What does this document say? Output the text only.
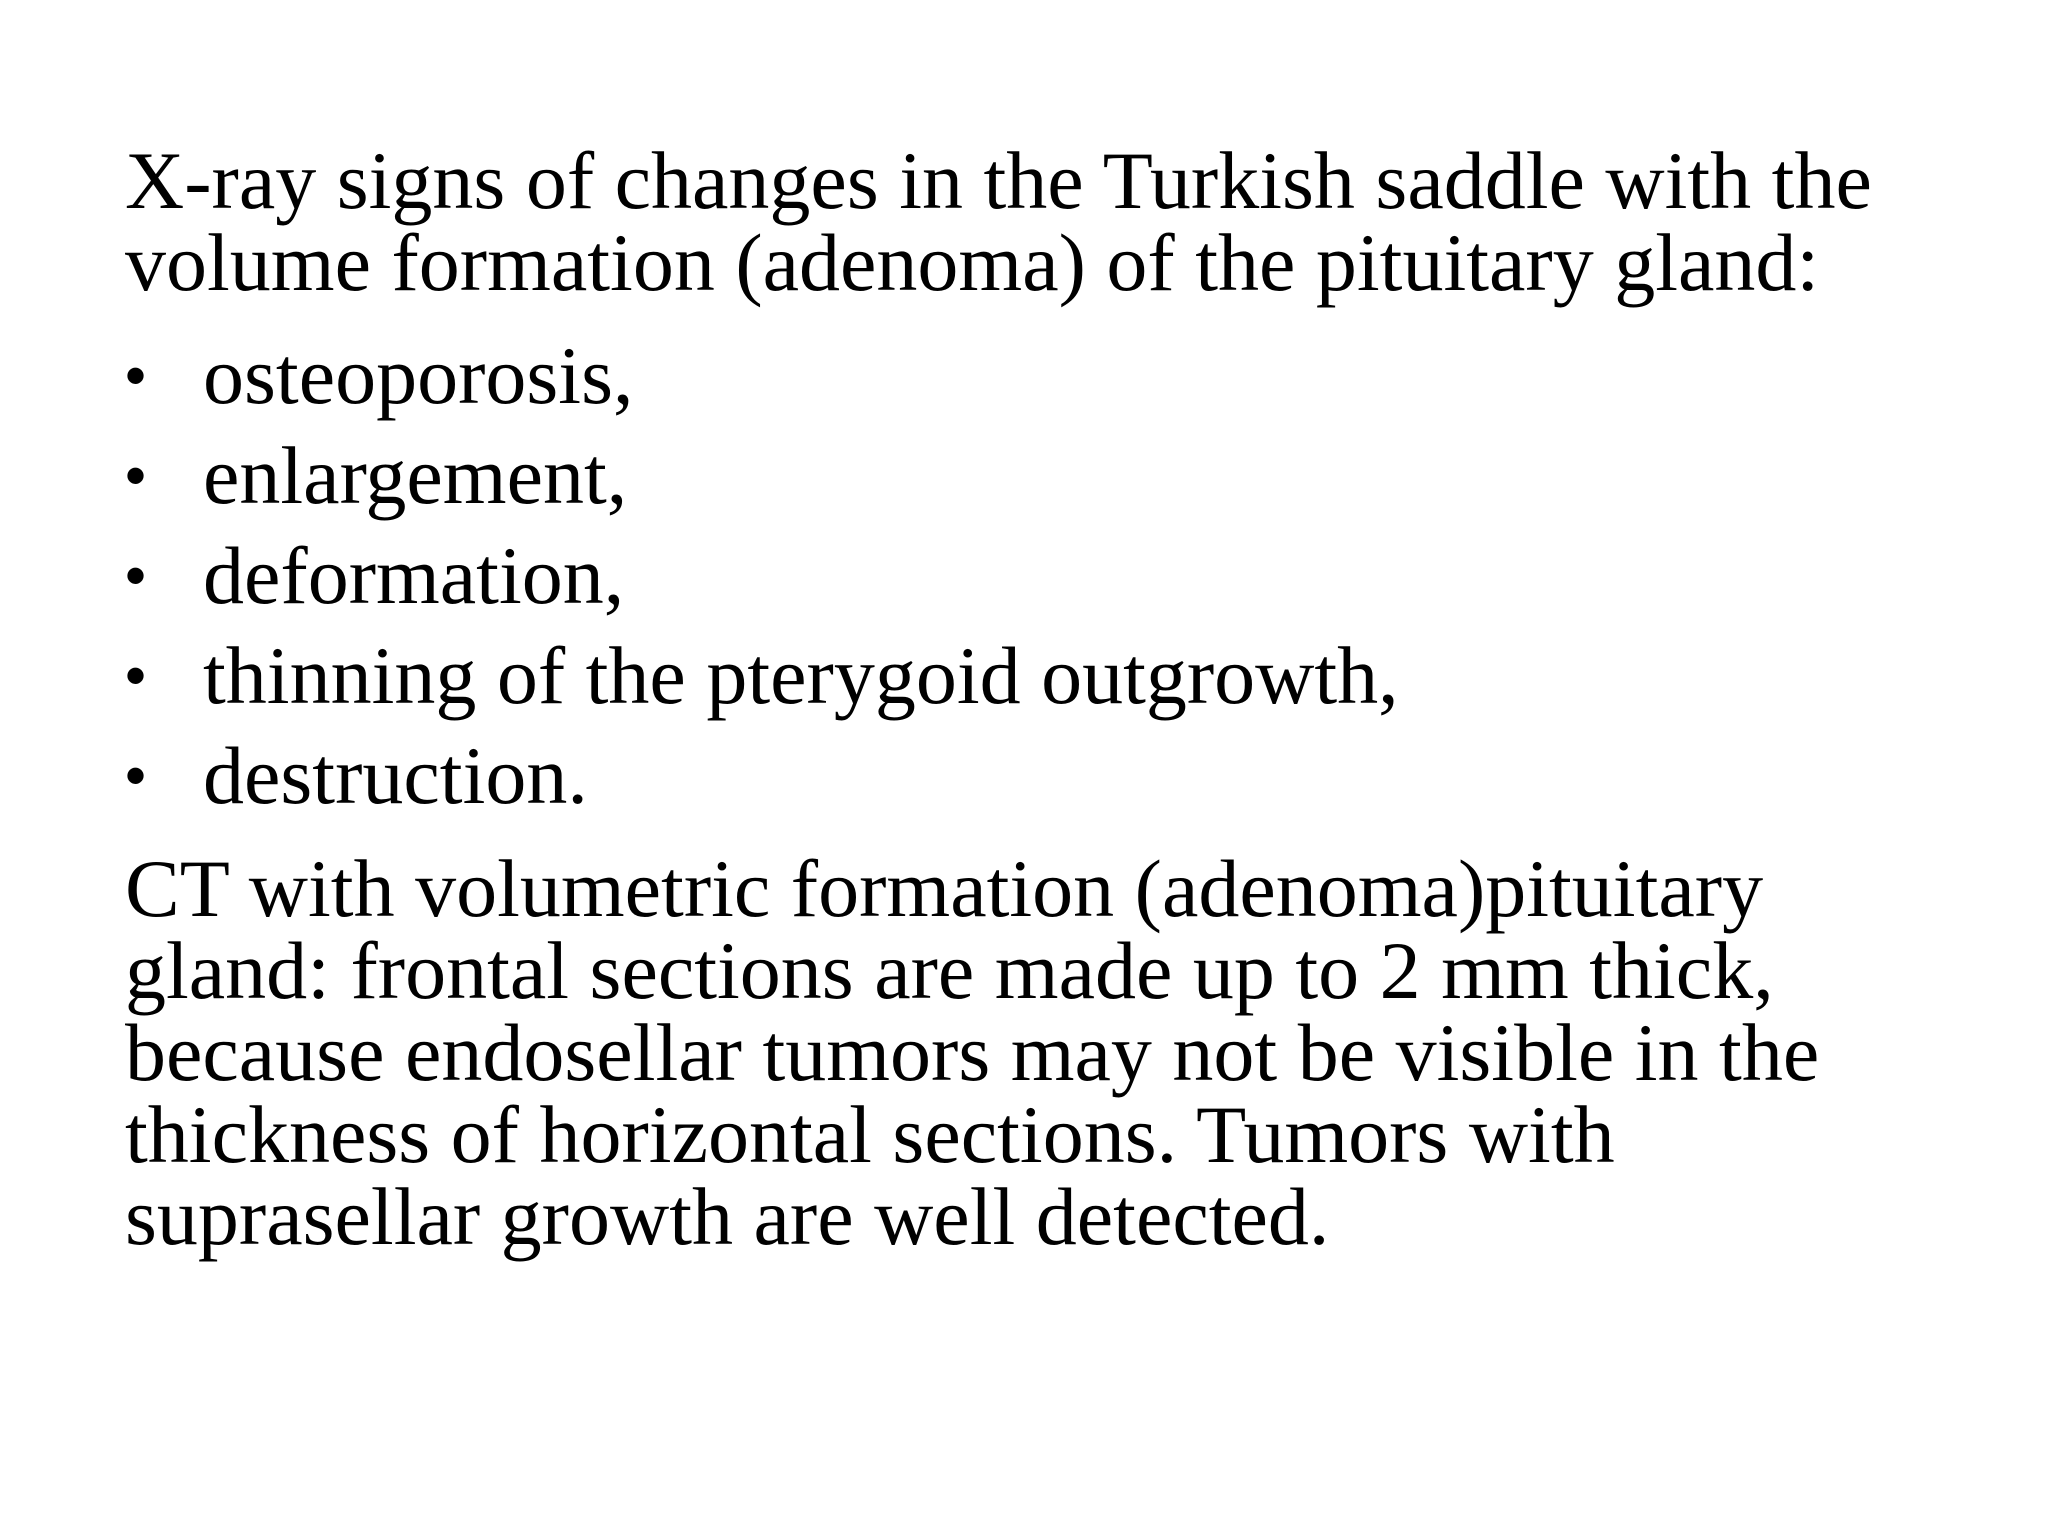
X-ray signs of changes in the Turkish saddle with the volume formation (adenoma) of the pituitary gland:

• osteoporosis,
• enlargement,
• deformation,
• thinning of the pterygoid outgrowth,
• destruction.

CT with volumetric formation (adenoma)pituitary gland: frontal sections are made up to 2 mm thick, because endosellar tumors may not be visible in the thickness of horizontal sections. Tumors with suprasellar growth are well detected.
